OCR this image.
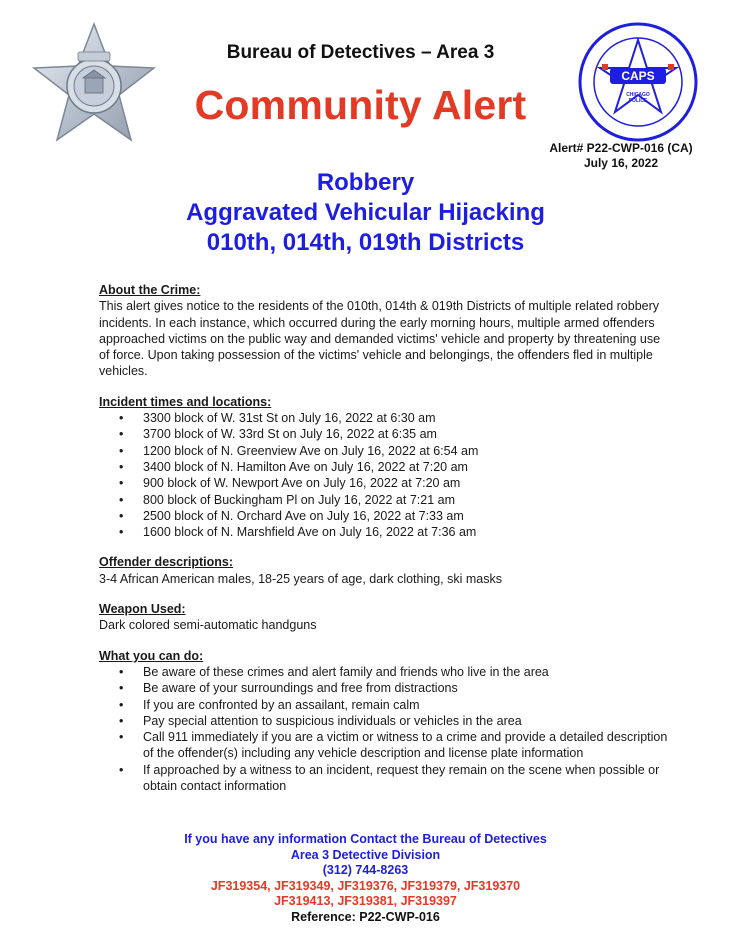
CAPS
CHICAGO
POLICE
Bureau of Detectives – Area 3
Community Alert
Alert# P22-CWP-016 (CA)
July 16, 2022
Robbery
Aggravated Vehicular Hijacking
010th, 014th, 019th Districts

About the Crime:

This alert gives notice to the residents of the 010th, 014th & 019th Districts of multiple related robbery incidents. In each instance, which occurred during the early morning hours, multiple armed offenders approached victims on the public way and demanded victims' vehicle and property by threatening use of force. Upon taking possession of the victims' vehicle and belongings, the offenders fled in multiple vehicles.

Incident times and locations:

• 3300 block of W. 31st St on July 16, 2022 at 6:30 am
• 3700 block of W. 33rd St on July 16, 2022 at 6:35 am
• 1200 block of N. Greenview Ave on July 16, 2022 at 6:54 am
• 3400 block of N. Hamilton Ave on July 16, 2022 at 7:20 am
• 900 block of W. Newport Ave on July 16, 2022 at 7:20 am
• 800 block of Buckingham Pl on July 16, 2022 at 7:21 am
• 2500 block of N. Orchard Ave on July 16, 2022 at 7:33 am
• 1600 block of N. Marshfield Ave on July 16, 2022 at 7:36 am

Offender descriptions:

3-4 African American males, 18-25 years of age, dark clothing, ski masks

Weapon Used:

Dark colored semi-automatic handguns

What you can do:

• Be aware of these crimes and alert family and friends who live in the area
• Be aware of your surroundings and free from distractions
• If you are confronted by an assailant, remain calm
• Pay special attention to suspicious individuals or vehicles in the area
• Call 911 immediately if you are a victim or witness to a crime and provide a detailed description of the offender(s) including any vehicle description and license plate information
• If approached by a witness to an incident, request they remain on the scene when possible or obtain contact information
If you have any information Contact the Bureau of Detectives
Area 3 Detective Division
(312) 744-8263
JF319354, JF319349, JF319376, JF319379, JF319370
JF319413, JF319381, JF319397
Reference: P22-CWP-016
